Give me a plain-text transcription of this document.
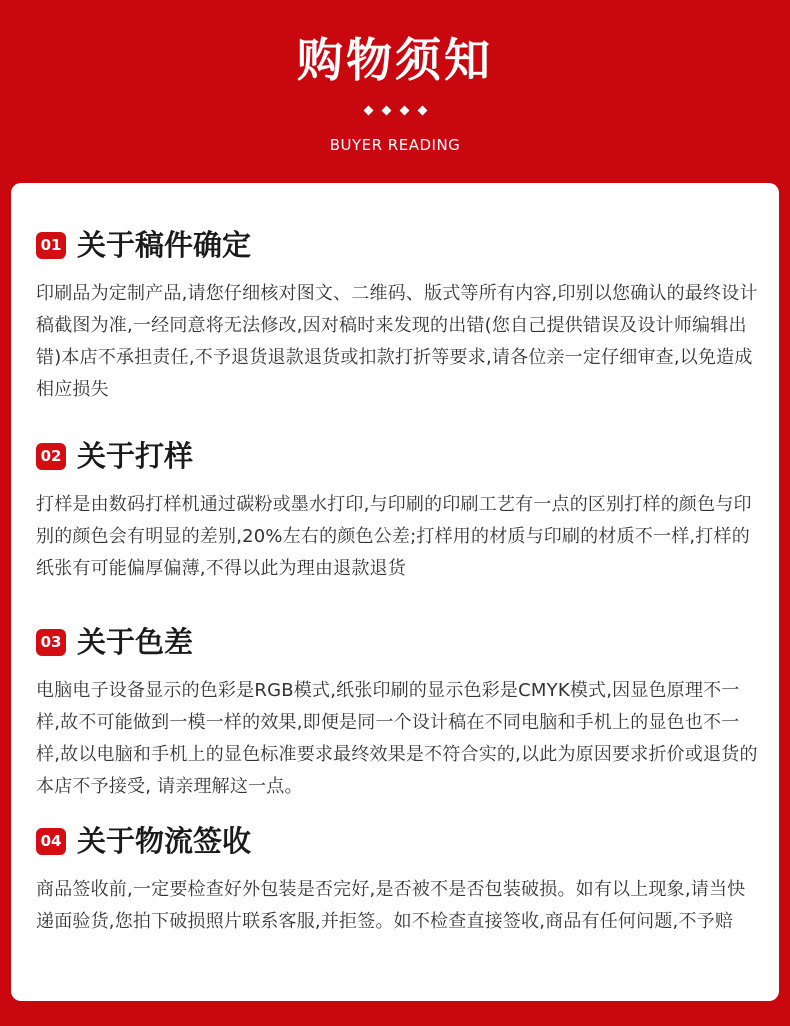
购物须知
BUYER READING
01 关于稿件确定
印刷品为定制产品,请您仔细核对图文、二维码、版式等所有内容,印别以您确认的最终设计稿截图为准,一经同意将无法修改,因对稿时来发现的出错(您自己提供错误及设计师编辑出错)本店不承担责任,不予退货退款退货或扣款打折等要求,请各位亲一定仔细审查,以免造成相应损失
02 关于打样
打样是由数码打样机通过碳粉或墨水打印,与印刷的印刷工艺有一点的区别打样的颜色与印别的颜色会有明显的差别,20%左右的颜色公差;打样用的材质与印刷的材质不一样,打样的纸张有可能偏厚偏薄,不得以此为理由退款退货
03 关于色差
电脑电子设备显示的色彩是RGB模式,纸张印刷的显示色彩是CMYK模式,因显色原理不一样,故不可能做到一模一样的效果,即便是同一个设计稿在不同电脑和手机上的显色也不一样,故以电脑和手机上的显色标准要求最终效果是不符合实的,以此为原因要求折价或退货的本店不予接受, 请亲理解这一点。
04 关于物流签收
商品签收前,一定要检查好外包装是否完好,是否被不是否包装破损。如有以上现象,请当快递面验货,您拍下破损照片联系客服,并拒签。如不检查直接签收,商品有任何问题,不予赔
